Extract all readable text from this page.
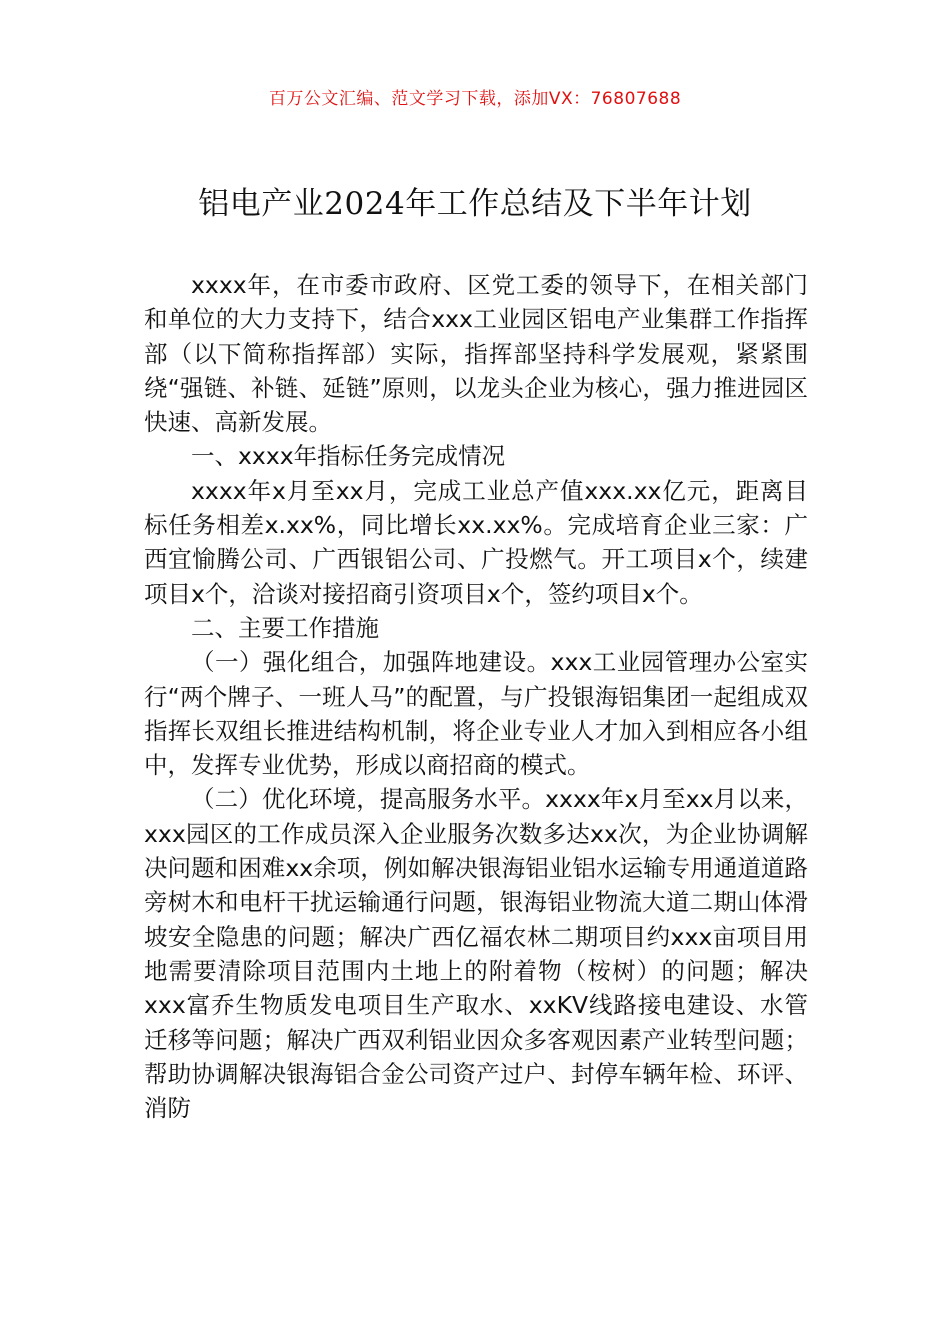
百万公文汇编、范文学习下载，添加VX：76807688
铝电产业2024年工作总结及下半年计划

xxxx年，在市委市政府、区党工委的领导下，在相关部门和单位的大力支持下，结合xxx工业园区铝电产业集群工作指挥部（以下简称指挥部）实际，指挥部坚持科学发展观，紧紧围绕“强链、补链、延链”原则，以龙头企业为核心，强力推进园区快速、高新发展。

一、xxxx年指标任务完成情况

xxxx年x月至xx月，完成工业总产值xxx.xx亿元，距离目标任务相差x.xx%，同比增长xx.xx%。完成培育企业三家：广西宜愉腾公司、广西银铝公司、广投燃气。开工项目x个，续建项目x个，洽谈对接招商引资项目x个，签约项目x个。

二、主要工作措施

（一）强化组合，加强阵地建设。xxx工业园管理办公室实行“两个牌子、一班人马”的配置，与广投银海铝集团一起组成双指挥长双组长推进结构机制，将企业专业人才加入到相应各小组中，发挥专业优势，形成以商招商的模式。

（二）优化环境，提高服务水平。xxxx年x月至xx月以来，xxx园区的工作成员深入企业服务次数多达xx次，为企业协调解决问题和困难xx余项，例如解决银海铝业铝水运输专用通道道路旁树木和电杆干扰运输通行问题，银海铝业物流大道二期山体滑坡安全隐患的问题；解决广西亿福农林二期项目约xxx亩项目用地需要清除项目范围内土地上的附着物（桉树）的问题；解决xxx富乔生物质发电项目生产取水、xxKV线路接电建设、水管迁移等问题；解决广西双利铝业因众多客观因素产业转型问题；帮助协调解决银海铝合金公司资产过户、封停车辆年检、环评、消防
